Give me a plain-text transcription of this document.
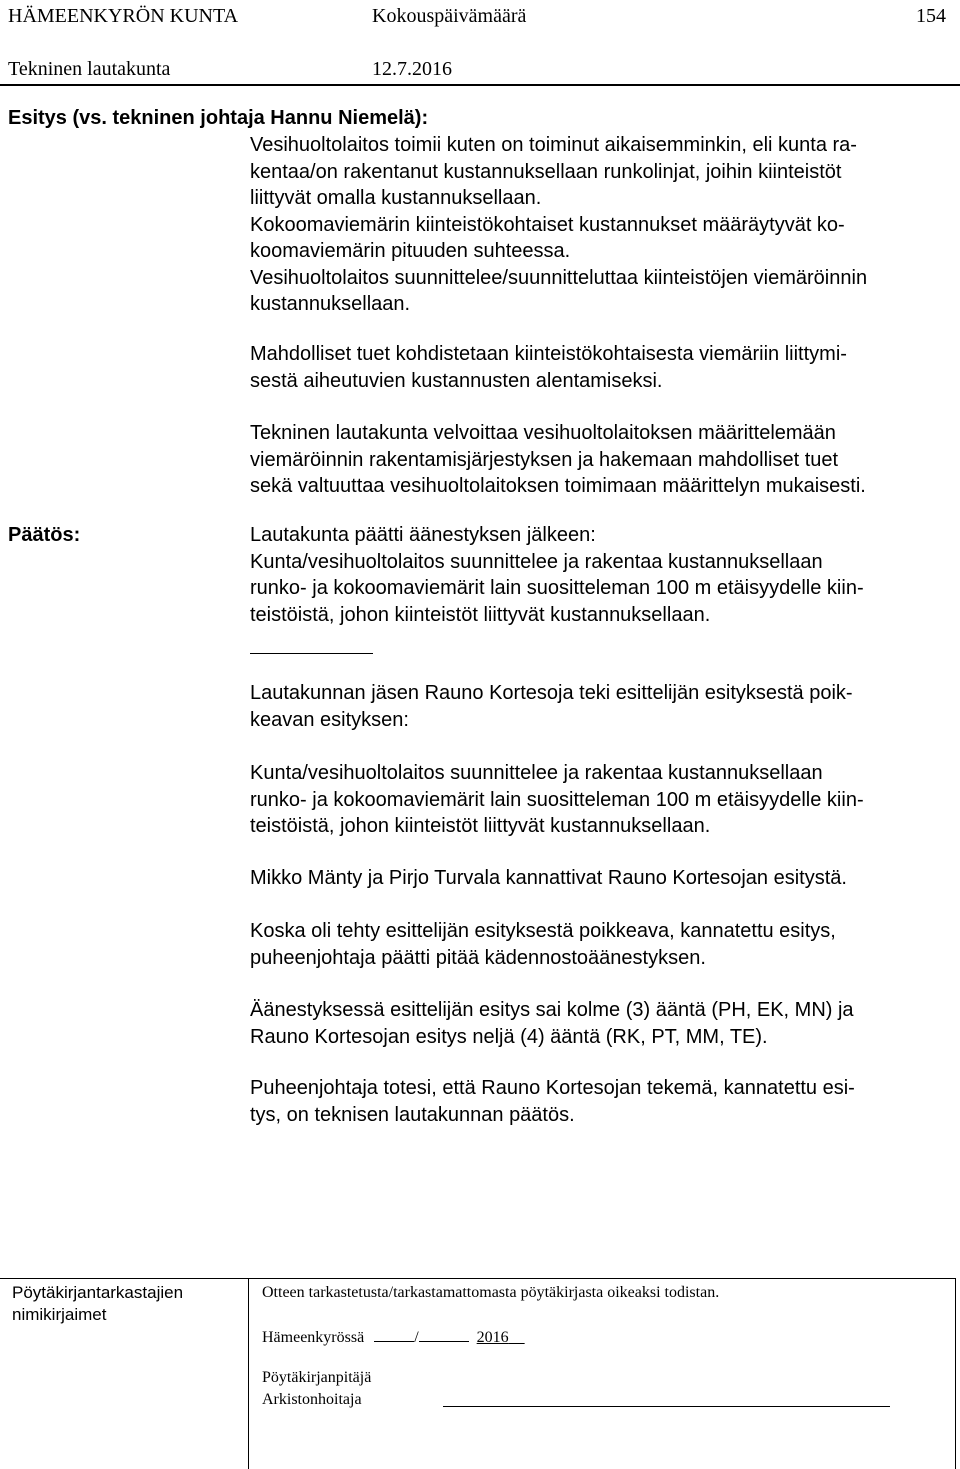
HÄMEENKYRÖN KUNTA	Kokouspäivämäärä	154
Tekninen lautakunta	12.7.2016
Esitys (vs. tekninen johtaja Hannu Niemelä):
Vesihuoltolaitos toimii kuten on toiminut aikaisemminkin, eli kunta ra-
kentaa/on rakentanut kustannuksellaan runkolinjat, joihin kiinteistöt
liittyvät omalla kustannuksellaan.
Kokoomaviemärin kiinteistökohtaiset kustannukset määräytyvät ko-
koomaviemärin pituuden suhteessa.
Vesihuoltolaitos suunnittelee/suunnitteluttaa kiinteistöjen viemäröinnin
kustannuksellaan.
Mahdolliset tuet kohdistetaan kiinteistökohtaisesta viemäriin liittymi-
sestä aiheutuvien kustannusten alentamiseksi.
Tekninen lautakunta velvoittaa vesihuoltolaitoksen määrittelemään
viemäröinnin rakentamisjärjestyksen ja hakemaan mahdolliset tuet
sekä valtuuttaa vesihuoltolaitoksen toimimaan määrittelyn mukaisesti.
Päätös:	Lautakunta päätti äänestyksen jälkeen:
Kunta/vesihuoltolaitos suunnittelee ja rakentaa kustannuksellaan
runko- ja kokoomaviemärit lain suositteleman 100 m etäisyydelle kiin-
teistöistä, johon kiinteistöt liittyvät kustannuksellaan.
Lautakunnan jäsen Rauno Kortesoja teki esittelijän esityksestä poik-
keavan esityksen:
Kunta/vesihuoltolaitos suunnittelee ja rakentaa kustannuksellaan
runko- ja kokoomaviemärit lain suositteleman 100 m etäisyydelle kiin-
teistöistä, johon kiinteistöt liittyvät kustannuksellaan.
Mikko Mänty ja Pirjo Turvala kannattivat Rauno Kortesojan esitystä.
Koska oli tehty esittelijän esityksestä poikkeava, kannatettu esitys,
puheenjohtaja päätti pitää kädennostoäänestyksen.
Äänestyksessä esittelijän esitys sai kolme (3) ääntä (PH, EK, MN) ja
Rauno Kortesojan esitys neljä (4) ääntä (RK, PT, MM, TE).
Puheenjohtaja totesi, että Rauno Kortesojan tekemä, kannatettu esi-
tys, on teknisen lautakunnan päätös.
Pöytäkirjantarkastajien
nimikirjaimet
Otteen tarkastetusta/tarkastamattomasta pöytäkirjasta oikeaksi todistan.
Hämeenkyrössä	/	2016
Pöytäkirjanpitäjä
Arkistonhoitaja
